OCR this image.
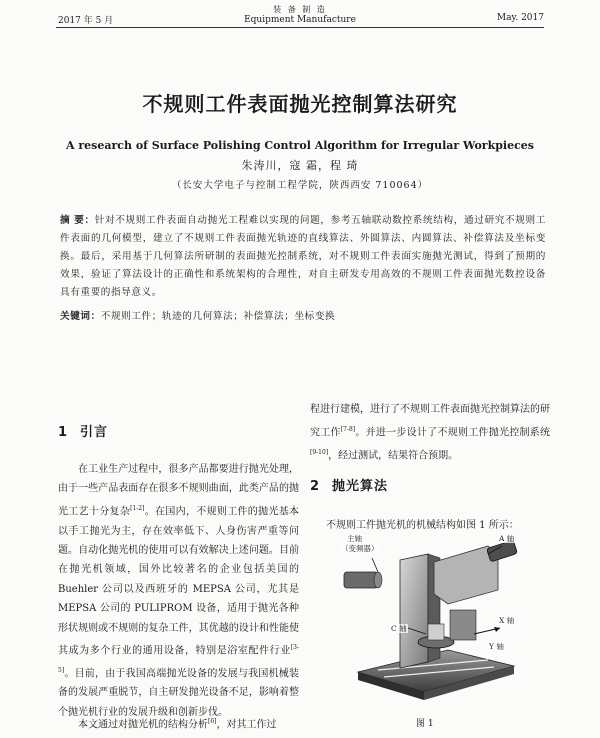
2017 年 5 月
装 备 制 造
Equipment Manufacture	May. 2017
不规则工件表面抛光控制算法研究
A research of Surface Polishing Control Algorithm for Irregular Workpieces
朱涛川，寇 霜，程 琦
（长安大学电子与控制工程学院，陕西西安 710064）
摘 要：针对不规则工件表面自动抛光工程难以实现的问题，参考五轴联动数控系统结构，通过研究不规则工件表面的几何模型，建立了不规则工件表面抛光轨迹的直线算法、外圆算法、内圆算法、补偿算法及坐标变换。最后，采用基于几何算法所研制的表面抛光控制系统，对不规则工件表面实施抛光测试，得到了预期的效果，验证了算法设计的正确性和系统架构的合理性，对自主研发专用高效的不规则工件表面抛光数控设备具有重要的指导意义。
关键词：不规则工件；轨迹的几何算法；补偿算法；坐标变换
1 引言
在工业生产过程中，很多产品都要进行抛光处理，由于一些产品表面存在很多不规则曲面，此类产品的抛光工艺十分复杂[1-2]。在国内，不规则工件的抛光基本以手工抛光为主，存在效率低下、人身伤害严重等问题。自动化抛光机的使用可以有效解决上述问题。目前在抛光机领域，国外比较著名的企业包括美国的 Buehler 公司以及西班牙的 MEPSA 公司，尤其是 MEPSA 公司的 PULIPROM 设备，适用于抛光各种形状规则或不规则的复杂工件，其优越的设计和性能使其成为多个行业的通用设备，特别是浴室配件行业[3-5]。目前，由于我国高端抛光设备的发展与我国机械装备的发展严重脱节，自主研发抛光设备不足，影响着整个抛光机行业的发展升级和创新步伐。
本文通过对抛光机的结构分析[6]，对其工作过
程进行建模，进行了不规则工件表面抛光控制算法的研究工作[7-8]。并进一步设计了不规则工件抛光控制系统[9-10]，经过测试，结果符合预期。
2 抛光算法
不规则工件抛光机的机械结构如图 1 所示：
主轴
（变频器）
A 轴
C 轴
X 轴
Y 轴
图 1
